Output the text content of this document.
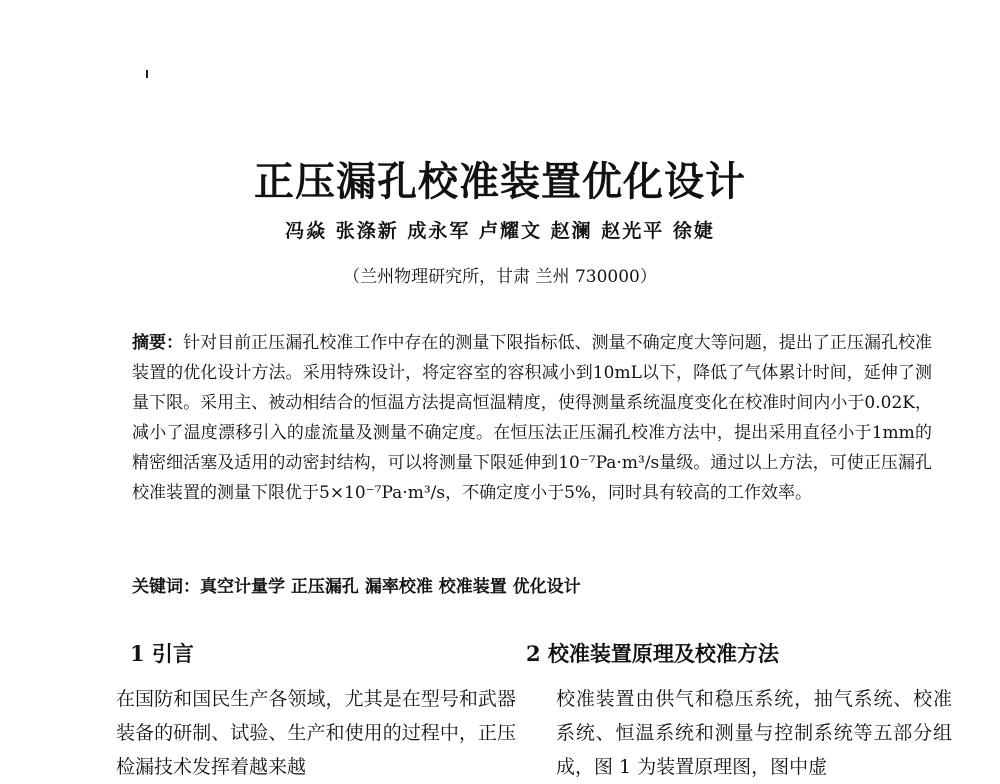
正压漏孔校准装置优化设计
冯焱 张涤新 成永军 卢耀文 赵澜 赵光平 徐婕
（兰州物理研究所，甘肃 兰州 730000）
摘要：针对目前正压漏孔校准工作中存在的测量下限指标低、测量不确定度大等问题，提出了正压漏孔校准装置的优化设计方法。采用特殊设计，将定容室的容积减小到10mL以下，降低了气体累计时间，延伸了测量下限。采用主、被动相结合的恒温方法提高恒温精度，使得测量系统温度变化在校准时间内小于0.02K，减小了温度漂移引入的虚流量及测量不确定度。在恒压法正压漏孔校准方法中，提出采用直径小于1mm的精密细活塞及适用的动密封结构，可以将测量下限延伸到10⁻⁷Pa·m³/s量级。通过以上方法，可使正压漏孔校准装置的测量下限优于5×10⁻⁷Pa·m³/s，不确定度小于5%，同时具有较高的工作效率。
关键词：真空计量学 正压漏孔 漏率校准 校准装置 优化设计
1 引言	2 校准装置原理及校准方法
在国防和国民生产各领域，尤其是在型号和武器装备的研制、试验、生产和使用的过程中，正压检漏技术发挥着越来越
校准装置由供气和稳压系统，抽气系统、校准系统、恒温系统和测量与控制系统等五部分组成，图 1 为装置原理图，图中虚
